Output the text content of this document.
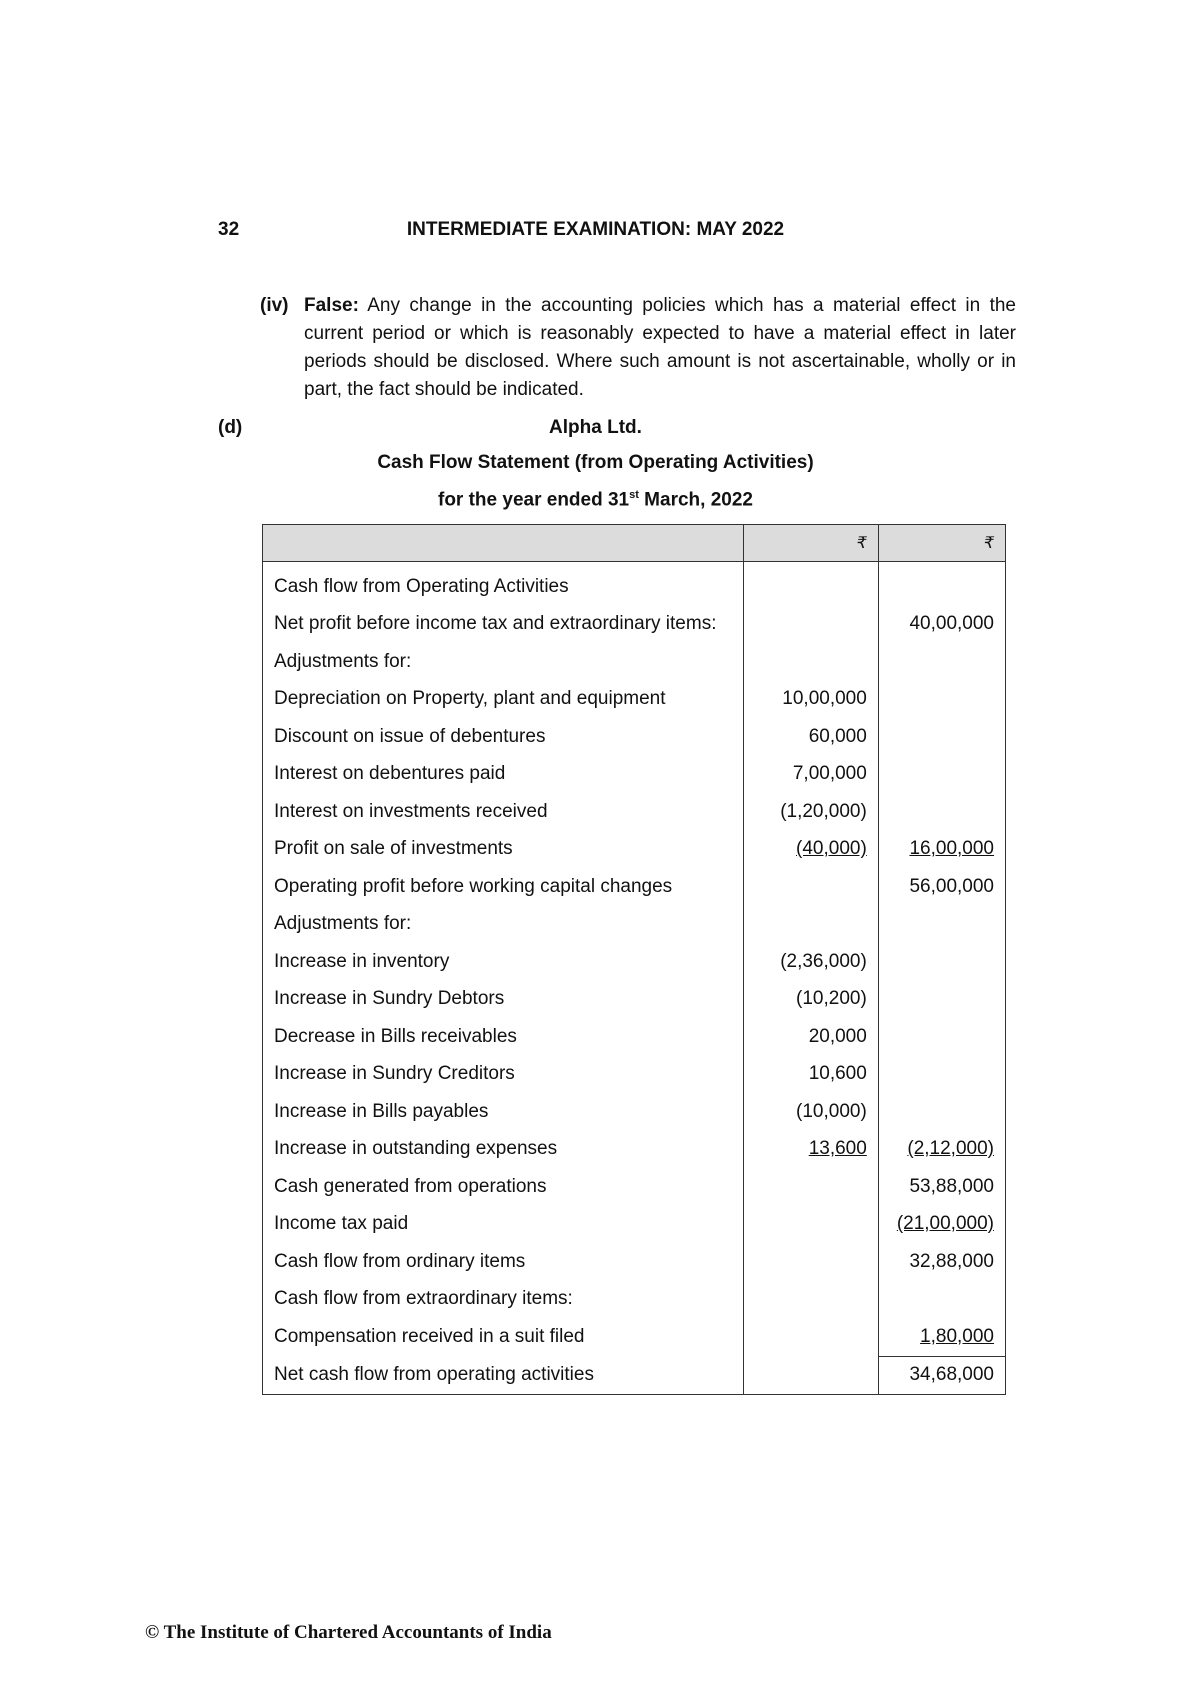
32	INTERMEDIATE EXAMINATION: MAY 2022
(iv) False: Any change in the accounting policies which has a material effect in the current period or which is reasonably expected to have a material effect in later periods should be disclosed. Where such amount is not ascertainable, wholly or in part, the fact should be indicated.
(d)	Alpha Ltd.
Cash Flow Statement (from Operating Activities)
for the year ended 31st March, 2022
	₹	₹
Cash flow from Operating Activities		
Net profit before income tax and extraordinary items:		40,00,000
Adjustments for:		
Depreciation on Property, plant and equipment	10,00,000	
Discount on issue of debentures	60,000	
Interest on debentures paid	7,00,000	
Interest on investments received	(1,20,000)	
Profit on sale of investments	(40,000)	16,00,000
Operating profit before working capital changes		56,00,000
Adjustments for:		
Increase in inventory	(2,36,000)	
Increase in Sundry Debtors	(10,200)	
Decrease in Bills receivables	20,000	
Increase in Sundry Creditors	10,600	
Increase in Bills payables	(10,000)	
Increase in outstanding expenses	13,600	(2,12,000)
Cash generated from operations		53,88,000
Income tax paid		(21,00,000)
Cash flow from ordinary items		32,88,000
Cash flow from extraordinary items:		
Compensation received in a suit filed		1,80,000
Net cash flow from operating activities		34,68,000
© The Institute of Chartered Accountants of India
